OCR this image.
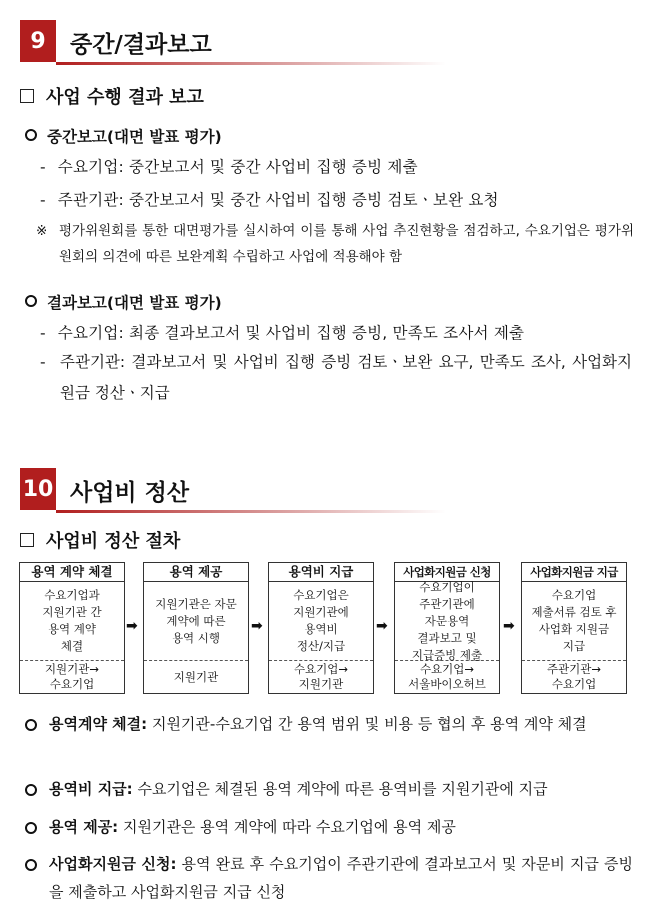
9	중간/결과보고
사업 수행 결과 보고
중간보고(대면 발표 평가)
- 수요기업: 중간보고서 및 중간 사업비 집행 증빙 제출
- 주관기관: 중간보고서 및 중간 사업비 집행 증빙 검토ㆍ보완 요청
※ 평가위원회를 통한 대면평가를 실시하여 이를 통해 사업 추진현황을 점검하고, 수요기업은 평가위원회의 의견에 따른 보완계획 수립하고 사업에 적용해야 함
결과보고(대면 발표 평가)
- 수요기업: 최종 결과보고서 및 사업비 집행 증빙, 만족도 조사서 제출
- 주관기관: 결과보고서 및 사업비 집행 증빙 검토ㆍ보완 요구, 만족도 조사, 사업화지원금 정산ㆍ지급
10 사업비 정산
사업비 정산 절차
용역 계약 체결
수요기업과
지원기관 간
용역 계약
체결
지원기관→
수요기업
➡
용역 제공
지원기관은 자문
계약에 따른
용역 시행
지원기관
➡
용역비 지급
수요기업은
지원기관에
용역비
정산/지급
수요기업→
지원기관
➡
사업화지원금 신청
수요기업이
주관기관에
자문용역
결과보고 및
지급증빙 제출
수요기업→
서울바이오허브
➡
사업화지원금 지급
수요기업
제출서류 검토 후
사업화 지원금
지급
주관기관→
수요기업
용역계약 체결: 지원기관-수요기업 간 용역 범위 및 비용 등 협의 후 용역 계약 체결
용역비 지급: 수요기업은 체결된 용역 계약에 따른 용역비를 지원기관에 지급
용역 제공: 지원기관은 용역 계약에 따라 수요기업에 용역 제공
사업화지원금 신청: 용역 완료 후 수요기업이 주관기관에 결과보고서 및 자문비 지급 증빙을 제출하고 사업화지원금 지급 신청
